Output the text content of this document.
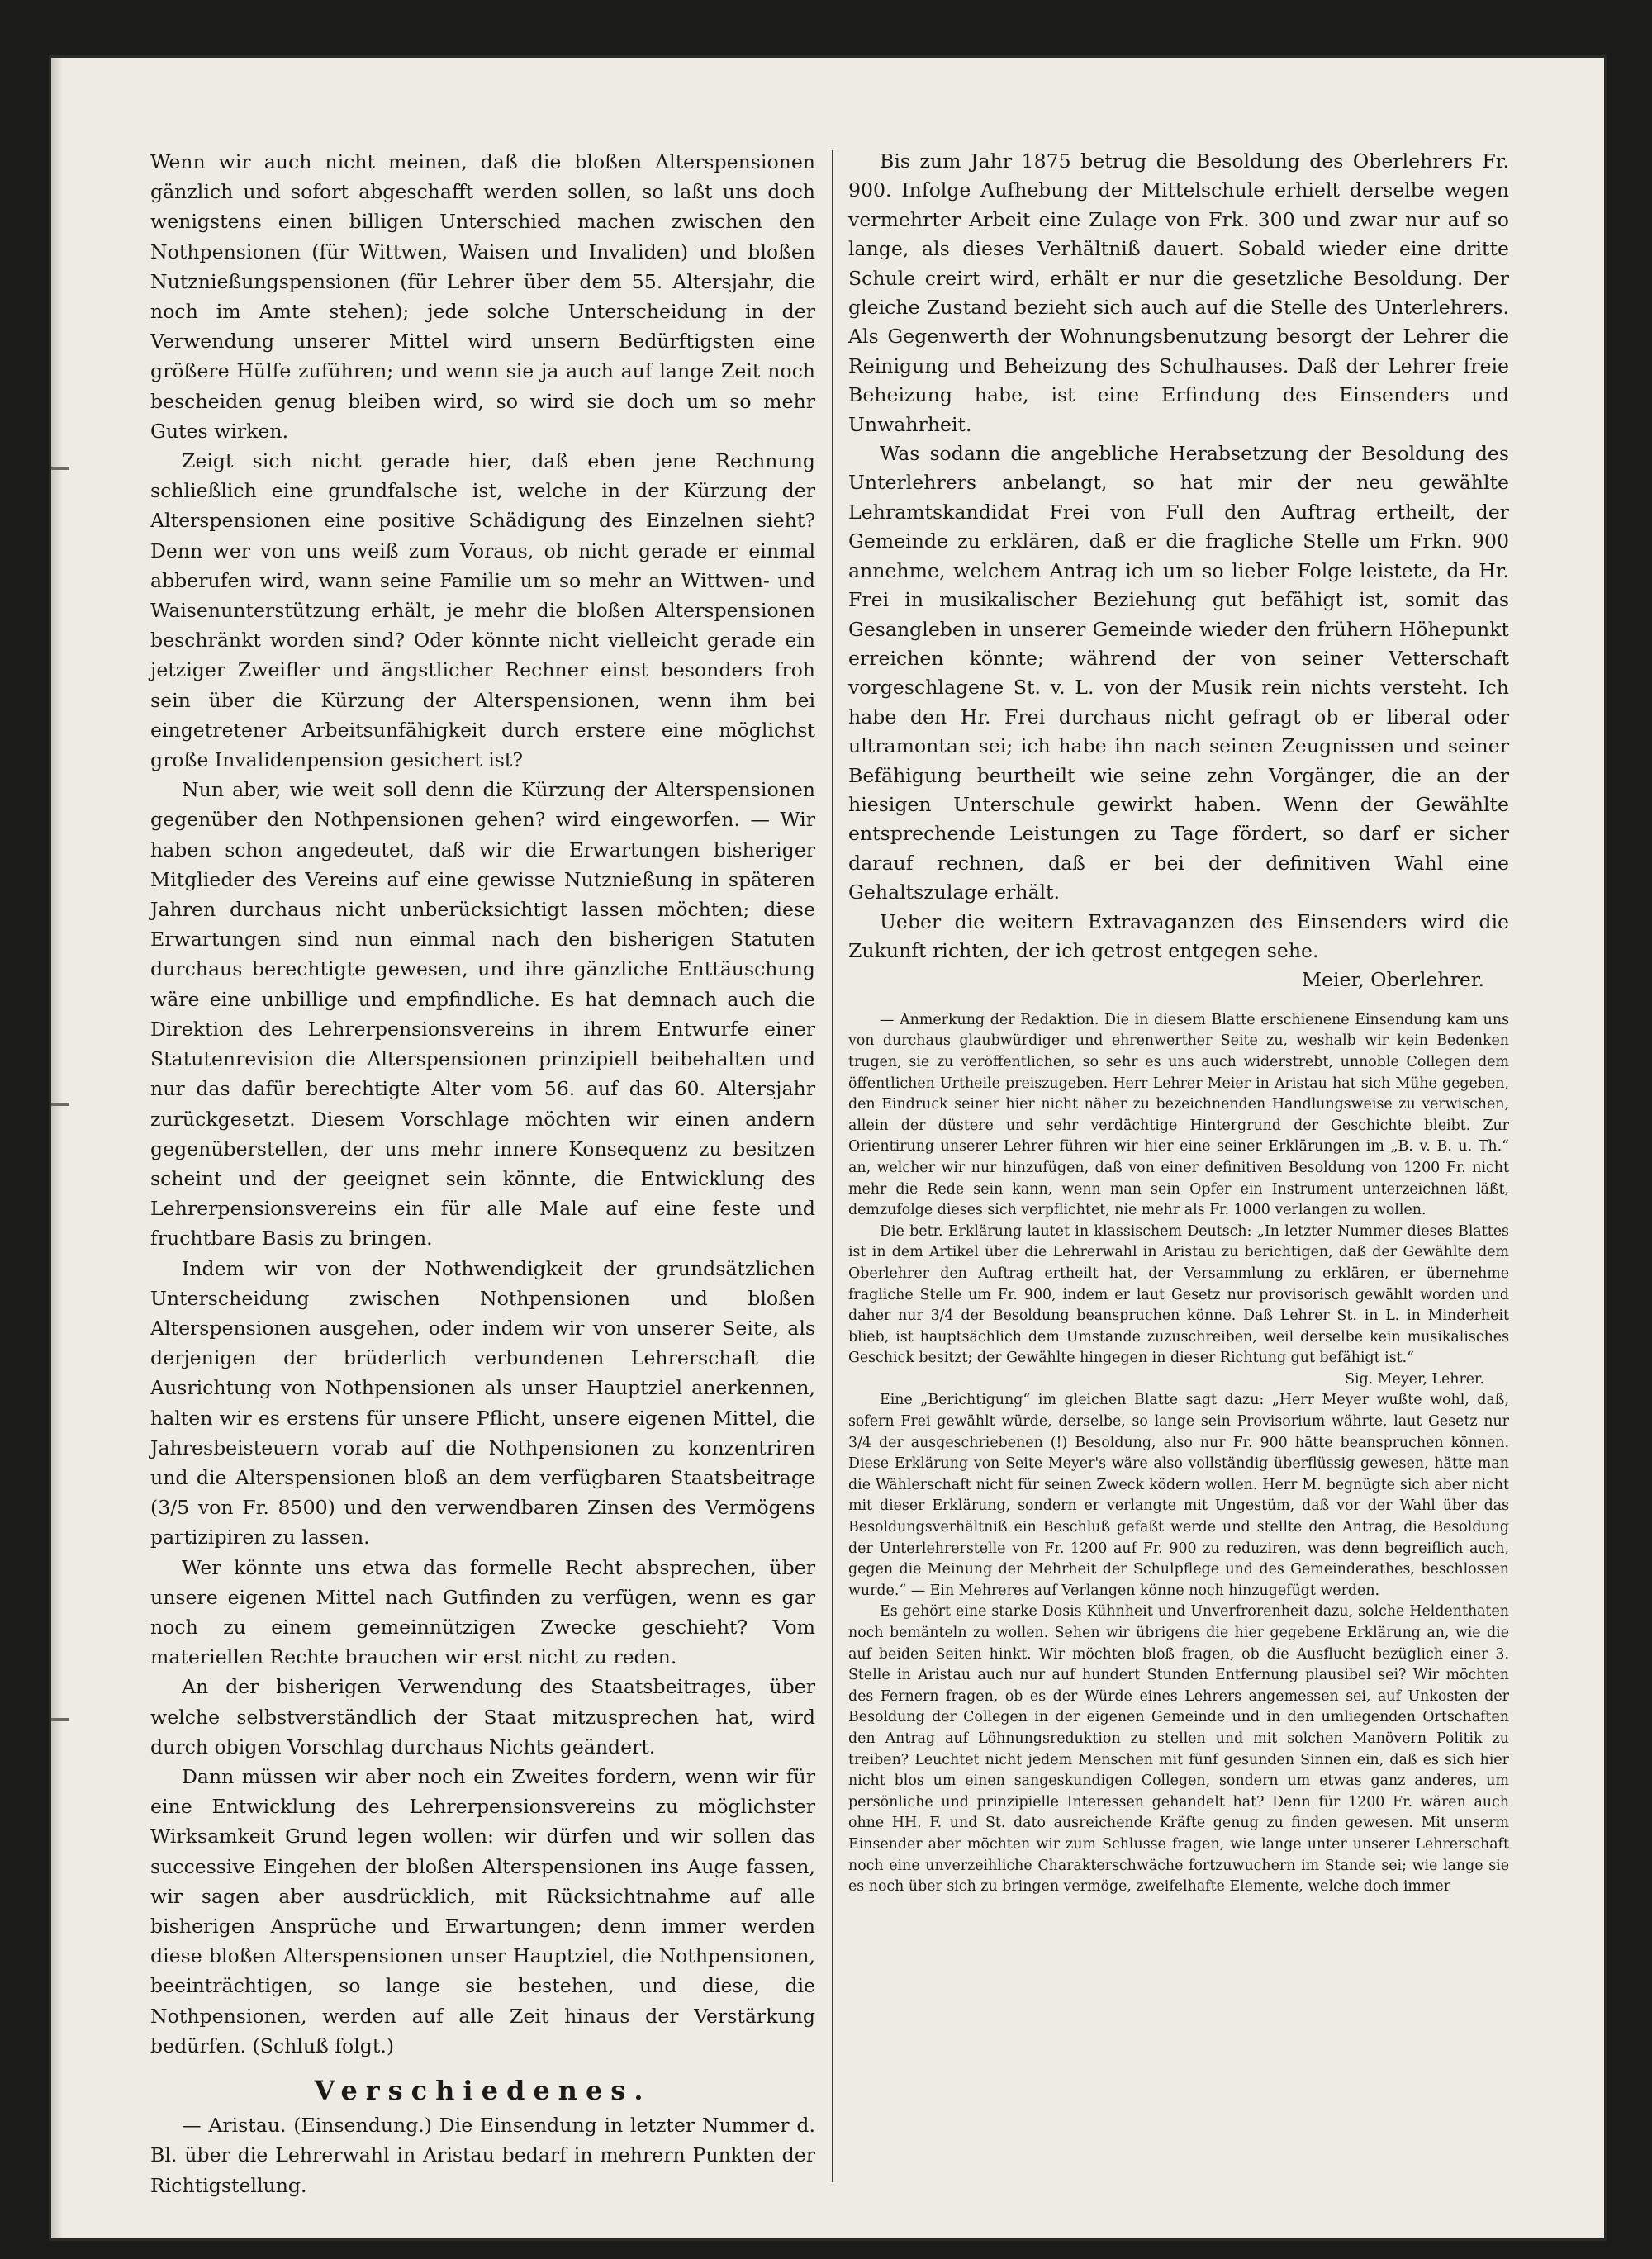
Wenn wir auch nicht meinen, daß die bloßen Alterspensionen gänzlich und sofort abgeschafft werden sollen, so laßt uns doch wenigstens einen billigen Unterschied machen zwischen den Nothpensionen (für Wittwen, Waisen und Invaliden) und bloßen Nutznießungspensionen (für Lehrer über dem 55. Altersjahr, die noch im Amte stehen); jede solche Unterscheidung in der Verwendung unserer Mittel wird unsern Bedürftigsten eine größere Hülfe zuführen; und wenn sie ja auch auf lange Zeit noch bescheiden genug bleiben wird, so wird sie doch um so mehr Gutes wirken.

Zeigt sich nicht gerade hier, daß eben jene Rechnung schließlich eine grundfalsche ist, welche in der Kürzung der Alterspensionen eine positive Schädigung des Einzelnen sieht? Denn wer von uns weiß zum Voraus, ob nicht gerade er einmal abberufen wird, wann seine Familie um so mehr an Wittwen- und Waisenunterstützung erhält, je mehr die bloßen Alterspensionen beschränkt worden sind? Oder könnte nicht vielleicht gerade ein jetziger Zweifler und ängstlicher Rechner einst besonders froh sein über die Kürzung der Alterspensionen, wenn ihm bei eingetretener Arbeitsunfähigkeit durch erstere eine möglichst große Invalidenpension gesichert ist?

Nun aber, wie weit soll denn die Kürzung der Alterspensionen gegenüber den Nothpensionen gehen? wird eingeworfen. — Wir haben schon angedeutet, daß wir die Erwartungen bisheriger Mitglieder des Vereins auf eine gewisse Nutznießung in späteren Jahren durchaus nicht unberücksichtigt lassen möchten; diese Erwartungen sind nun einmal nach den bisherigen Statuten durchaus berechtigte gewesen, und ihre gänzliche Enttäuschung wäre eine unbillige und empfindliche. Es hat demnach auch die Direktion des Lehrerpensionsvereins in ihrem Entwurfe einer Statutenrevision die Alterspensionen prinzipiell beibehalten und nur das dafür berechtigte Alter vom 56. auf das 60. Altersjahr zurückgesetzt. Diesem Vorschlage möchten wir einen andern gegenüberstellen, der uns mehr innere Konsequenz zu besitzen scheint und der geeignet sein könnte, die Entwicklung des Lehrerpensionsvereins ein für alle Male auf eine feste und fruchtbare Basis zu bringen.

Indem wir von der Nothwendigkeit der grundsätzlichen Unterscheidung zwischen Nothpensionen und bloßen Alterspensionen ausgehen, oder indem wir von unserer Seite, als derjenigen der brüderlich verbundenen Lehrerschaft die Ausrichtung von Nothpensionen als unser Hauptziel anerkennen, halten wir es erstens für unsere Pflicht, unsere eigenen Mittel, die Jahresbeisteuern vorab auf die Nothpensionen zu konzentriren und die Alterspensionen bloß an dem verfügbaren Staatsbeitrage (3/5 von Fr. 8500) und den verwendbaren Zinsen des Vermögens partizipiren zu lassen.

Wer könnte uns etwa das formelle Recht absprechen, über unsere eigenen Mittel nach Gutfinden zu verfügen, wenn es gar noch zu einem gemeinnützigen Zwecke geschieht? Vom materiellen Rechte brauchen wir erst nicht zu reden.

An der bisherigen Verwendung des Staatsbeitrages, über welche selbstverständlich der Staat mitzusprechen hat, wird durch obigen Vorschlag durchaus Nichts geändert.

Dann müssen wir aber noch ein Zweites fordern, wenn wir für eine Entwicklung des Lehrerpensionsvereins zu möglichster Wirksamkeit Grund legen wollen: wir dürfen und wir sollen das successive Eingehen der bloßen Alterspensionen ins Auge fassen, wir sagen aber ausdrücklich, mit Rücksichtnahme auf alle bisherigen Ansprüche und Erwartungen; denn immer werden diese bloßen Alterspensionen unser Hauptziel, die Nothpensionen, beeinträchtigen, so lange sie bestehen, und diese, die Nothpensionen, werden auf alle Zeit hinaus der Verstärkung bedürfen. (Schluß folgt.)

Verschiedenes.

— Aristau. (Einsendung.) Die Einsendung in letzter Nummer d. Bl. über die Lehrerwahl in Aristau bedarf in mehrern Punkten der Richtigstellung.

Bis zum Jahr 1875 betrug die Besoldung des Oberlehrers Fr. 900. Infolge Aufhebung der Mittelschule erhielt derselbe wegen vermehrter Arbeit eine Zulage von Frk. 300 und zwar nur auf so lange, als dieses Verhältniß dauert. Sobald wieder eine dritte Schule creirt wird, erhält er nur die gesetzliche Besoldung. Der gleiche Zustand bezieht sich auch auf die Stelle des Unterlehrers. Als Gegenwerth der Wohnungsbenutzung besorgt der Lehrer die Reinigung und Beheizung des Schulhauses. Daß der Lehrer freie Beheizung habe, ist eine Erfindung des Einsenders und Unwahrheit.

Was sodann die angebliche Herabsetzung der Besoldung des Unterlehrers anbelangt, so hat mir der neu gewählte Lehramtskandidat Frei von Full den Auftrag ertheilt, der Gemeinde zu erklären, daß er die fragliche Stelle um Frkn. 900 annehme, welchem Antrag ich um so lieber Folge leistete, da Hr. Frei in musikalischer Beziehung gut befähigt ist, somit das Gesangleben in unserer Gemeinde wieder den frühern Höhepunkt erreichen könnte; während der von seiner Vetterschaft vorgeschlagene St. v. L. von der Musik rein nichts versteht. Ich habe den Hr. Frei durchaus nicht gefragt ob er liberal oder ultramontan sei; ich habe ihn nach seinen Zeugnissen und seiner Befähigung beurtheilt wie seine zehn Vorgänger, die an der hiesigen Unterschule gewirkt haben. Wenn der Gewählte entsprechende Leistungen zu Tage fördert, so darf er sicher darauf rechnen, daß er bei der definitiven Wahl eine Gehaltszulage erhält.

Ueber die weitern Extravaganzen des Einsenders wird die Zukunft richten, der ich getrost entgegen sehe.

Meier, Oberlehrer.

— Anmerkung der Redaktion. Die in diesem Blatte erschienene Einsendung kam uns von durchaus glaubwürdiger und ehrenwerther Seite zu, weshalb wir kein Bedenken trugen, sie zu veröffentlichen, so sehr es uns auch widerstrebt, unnoble Collegen dem öffentlichen Urtheile preiszugeben. Herr Lehrer Meier in Aristau hat sich Mühe gegeben, den Eindruck seiner hier nicht näher zu bezeichnenden Handlungsweise zu verwischen, allein der düstere und sehr verdächtige Hintergrund der Geschichte bleibt. Zur Orientirung unserer Lehrer führen wir hier eine seiner Erklärungen im „B. v. B. u. Th.“ an, welcher wir nur hinzufügen, daß von einer definitiven Besoldung von 1200 Fr. nicht mehr die Rede sein kann, wenn man sein Opfer ein Instrument unterzeichnen läßt, demzufolge dieses sich verpflichtet, nie mehr als Fr. 1000 verlangen zu wollen.

Die betr. Erklärung lautet in klassischem Deutsch: „In letzter Nummer dieses Blattes ist in dem Artikel über die Lehrerwahl in Aristau zu berichtigen, daß der Gewählte dem Oberlehrer den Auftrag ertheilt hat, der Versammlung zu erklären, er übernehme fragliche Stelle um Fr. 900, indem er laut Gesetz nur provisorisch gewählt worden und daher nur 3/4 der Besoldung beanspruchen könne. Daß Lehrer St. in L. in Minderheit blieb, ist hauptsächlich dem Umstande zuzuschreiben, weil derselbe kein musikalisches Geschick besitzt; der Gewählte hingegen in dieser Richtung gut befähigt ist.“

Sig. Meyer, Lehrer.

Eine „Berichtigung“ im gleichen Blatte sagt dazu: „Herr Meyer wußte wohl, daß, sofern Frei gewählt würde, derselbe, so lange sein Provisorium währte, laut Gesetz nur 3/4 der ausgeschriebenen (!) Besoldung, also nur Fr. 900 hätte beanspruchen können. Diese Erklärung von Seite Meyer's wäre also vollständig überflüssig gewesen, hätte man die Wählerschaft nicht für seinen Zweck ködern wollen. Herr M. begnügte sich aber nicht mit dieser Erklärung, sondern er verlangte mit Ungestüm, daß vor der Wahl über das Besoldungsverhältniß ein Beschluß gefaßt werde und stellte den Antrag, die Besoldung der Unterlehrerstelle von Fr. 1200 auf Fr. 900 zu reduziren, was denn begreiflich auch, gegen die Meinung der Mehrheit der Schulpflege und des Gemeinderathes, beschlossen wurde.“ — Ein Mehreres auf Verlangen könne noch hinzugefügt werden.

Es gehört eine starke Dosis Kühnheit und Unverfrorenheit dazu, solche Heldenthaten noch bemänteln zu wollen. Sehen wir übrigens die hier gegebene Erklärung an, wie die auf beiden Seiten hinkt. Wir möchten bloß fragen, ob die Ausflucht bezüglich einer 3. Stelle in Aristau auch nur auf hundert Stunden Entfernung plausibel sei? Wir möchten des Fernern fragen, ob es der Würde eines Lehrers angemessen sei, auf Unkosten der Besoldung der Collegen in der eigenen Gemeinde und in den umliegenden Ortschaften den Antrag auf Löhnungsreduktion zu stellen und mit solchen Manövern Politik zu treiben? Leuchtet nicht jedem Menschen mit fünf gesunden Sinnen ein, daß es sich hier nicht blos um einen sangeskundigen Collegen, sondern um etwas ganz anderes, um persönliche und prinzipielle Interessen gehandelt hat? Denn für 1200 Fr. wären auch ohne HH. F. und St. dato ausreichende Kräfte genug zu finden gewesen. Mit unserm Einsender aber möchten wir zum Schlusse fragen, wie lange unter unserer Lehrerschaft noch eine unverzeihliche Charakterschwäche fortzuwuchern im Stande sei; wie lange sie es noch über sich zu bringen vermöge, zweifelhafte Elemente, welche doch immer
